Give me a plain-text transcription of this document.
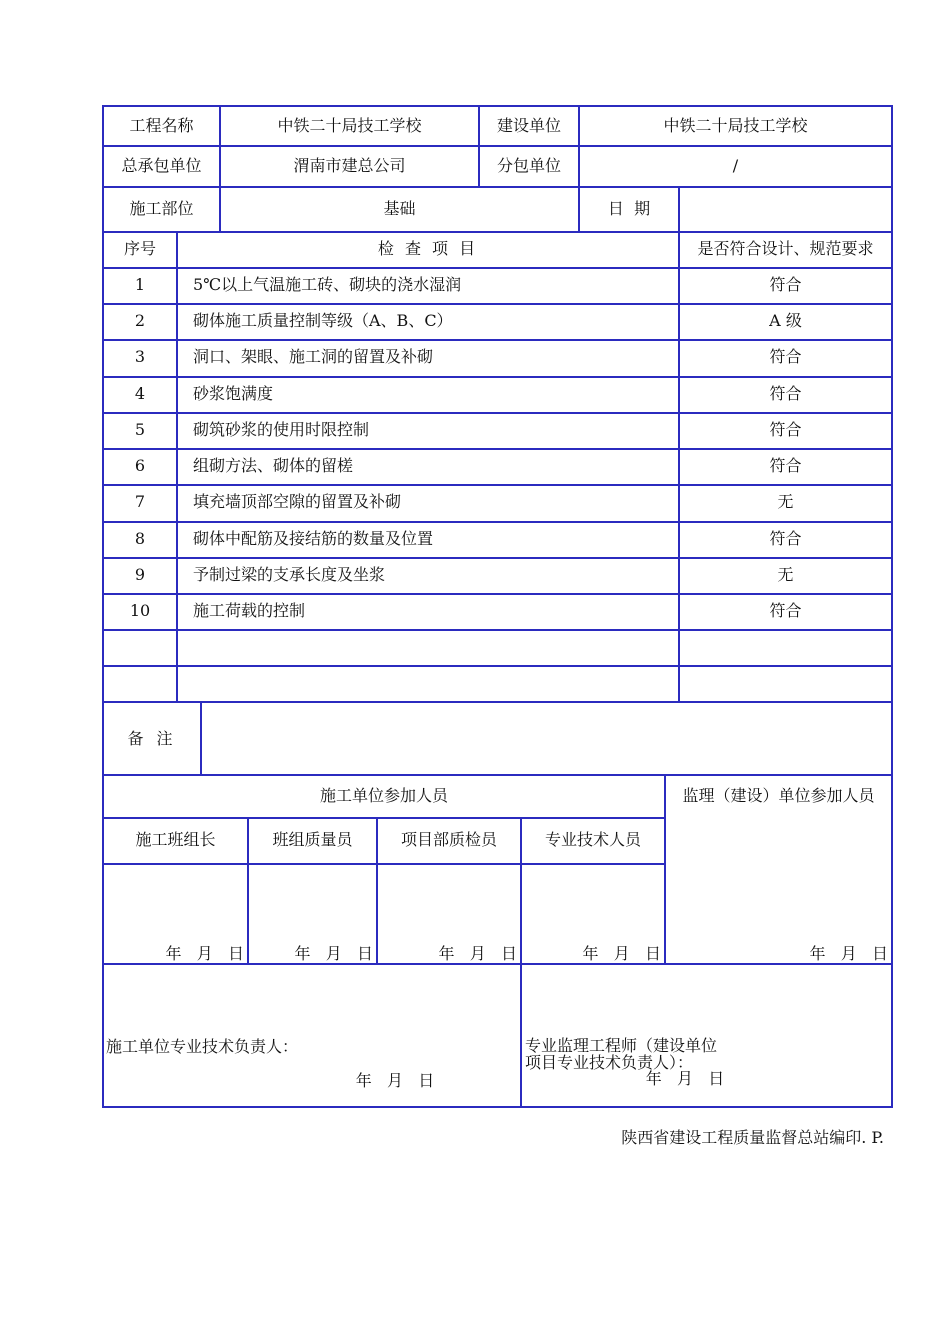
工程名称	中铁二十局技工学校	建设单位	中铁二十局技工学校
总承包单位	渭南市建总公司	分包单位	/
施工部位	基础	日  期
序号	检 查 项 目	是否符合设计、规范要求
1	5℃以上气温施工砖、砌块的浇水湿润	符合
2	砌体施工质量控制等级（A、B、C）	A 级
3	洞口、架眼、施工洞的留置及补砌	符合
4	砂浆饱满度	符合
5	砌筑砂浆的使用时限控制	符合
6	组砌方法、砌体的留槎	符合
7	填充墙顶部空隙的留置及补砌	无
8	砌体中配筋及接结筋的数量及位置	符合
9	予制过梁的支承长度及坐浆	无
10	施工荷载的控制	符合
备 注
施工单位参加人员	监理（建设）单位参加人员
施工班组长	班组质量员	项目部质检员	专业技术人员
年   月   日	年   月   日	年   月   日	年   月   日	年   月   日
施工单位专业技术负责人：
年   月   日
专业监理工程师（建设单位
项目专业技术负责人）：
年   月   日
陕西省建设工程质量监督总站编印. P.
